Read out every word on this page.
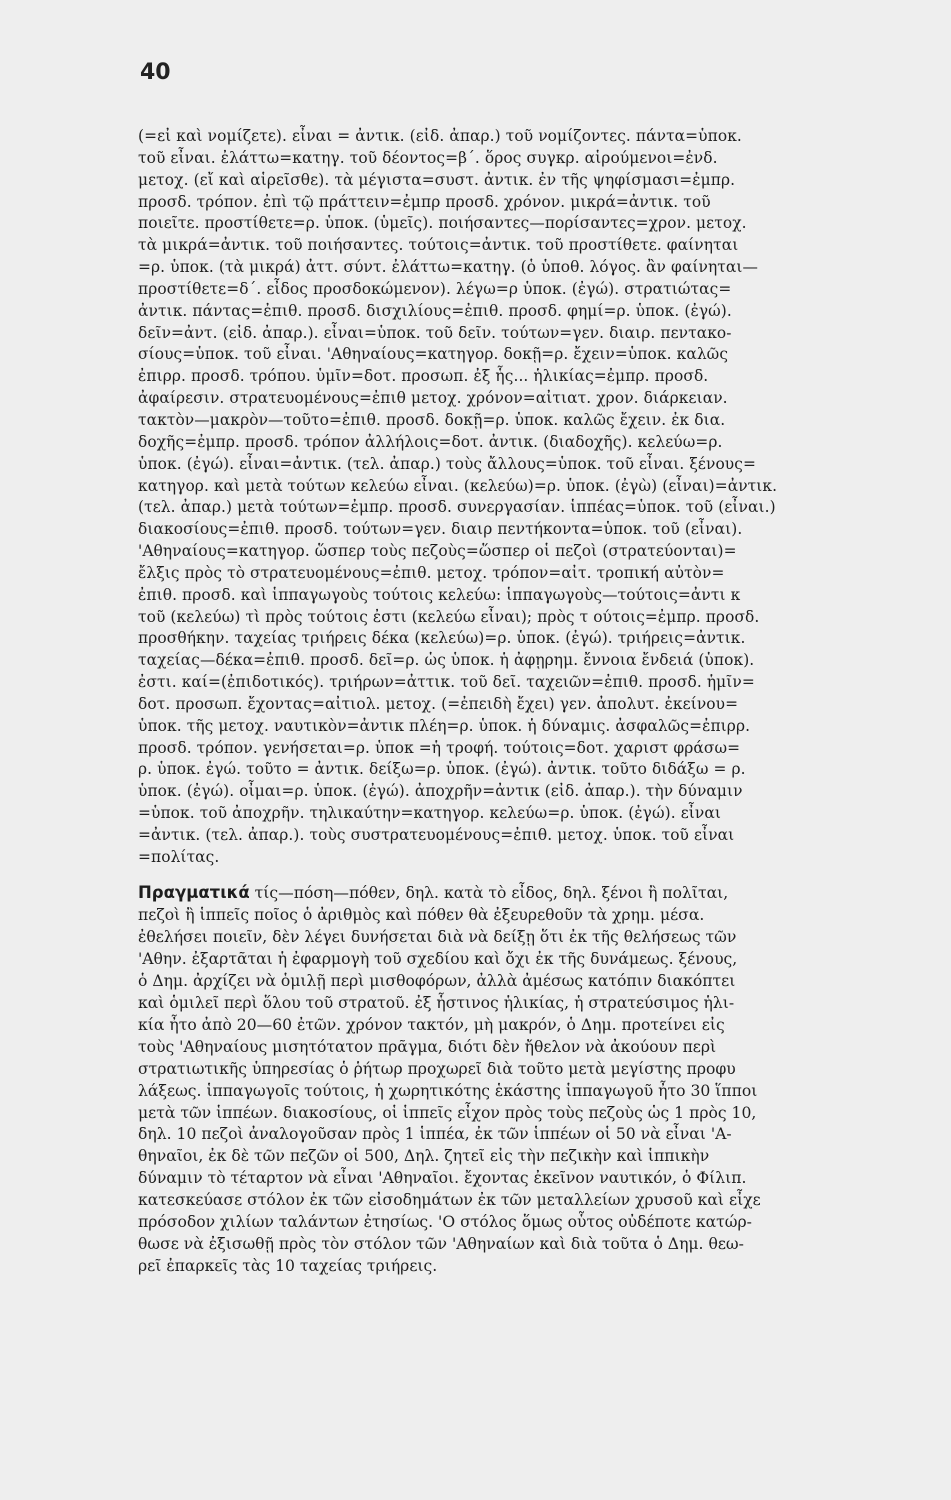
40
(=εἰ καὶ νομίζετε). εἶναι = ἀντικ. (εἰδ. ἀπαρ.) τοῦ νομίζοντες. πάντα=ὑποκ.
τοῦ εἶναι. ἐλάττω=κατηγ. τοῦ δέοντος=β΄. ὅρος συγκρ. αἱρούμενοι=ἐνδ.
μετοχ. (εἴ καὶ αἱρεῖσθε). τὰ μέγιστα=συστ. ἀντικ. ἐν τῆς ψηφίσμασι=ἐμπρ.
προσδ. τρόπον. ἐπὶ τῷ πράττειν=ἐμπρ προσδ. χρόνον. μικρά=ἀντικ. τοῦ
ποιεῖτε. προστίθετε=ρ. ὑποκ. (ὑμεῖς). ποιήσαντες—πορίσαντες=χρον. μετοχ.
τὰ μικρά=ἀντικ. τοῦ ποιήσαντες. τούτοις=ἀντικ. τοῦ προστίθετε. φαίνηται
=ρ. ὑποκ. (τὰ μικρά) ἀττ. σύντ. ἐλάττω=κατηγ. (ὁ ὑποθ. λόγος. ἂν φαίνηται—
προστίθετε=δ΄. εἶδος προσδοκώμενον). λέγω=ρ ὑποκ. (ἐγώ). στρατιώτας=
ἀντικ. πάντας=ἐπιθ. προσδ. δισχιλίους=ἐπιθ. προσδ. φημί=ρ. ὑποκ. (ἐγώ).
δεῖν=ἀντ. (εἰδ. ἀπαρ.). εἶναι=ὑποκ. τοῦ δεῖν. τούτων=γεν. διαιρ. πεντακο-
σίους=ὑποκ. τοῦ εἶναι. 'Αθηναίους=κατηγορ. δοκῇ=ρ. ἔχειν=ὑποκ. καλῶς
ἐπιρρ. προσδ. τρόπου. ὑμῖν=δοτ. προσωπ. ἐξ ἧς... ἡλικίας=ἐμπρ. προσδ.
ἀφαίρεσιν. στρατευομένους=ἐπιθ μετοχ. χρόνον=αἰτιατ. χρον. διάρκειαν.
τακτὸν—μακρὸν—τοῦτο=ἐπιθ. προσδ. δοκῇ=ρ. ὑποκ. καλῶς ἔχειν. ἐκ δια.
δοχῆς=ἐμπρ. προσδ. τρόπον ἀλλήλοις=δοτ. ἀντικ. (διαδοχῆς). κελεύω=ρ.
ὑποκ. (ἐγώ). εἶναι=ἀντικ. (τελ. ἀπαρ.) τοὺς ἄλλους=ὑποκ. τοῦ εἶναι. ξένους=
κατηγορ. καὶ μετὰ τούτων κελεύω εἶναι. (κελεύω)=ρ. ὑποκ. (ἐγὼ) (εἶναι)=ἀντικ.
(τελ. ἀπαρ.) μετὰ τούτων=ἐμπρ. προσδ. συνεργασίαν. ἱππέας=ὑποκ. τοῦ (εἶναι.)
διακοσίους=ἐπιθ. προσδ. τούτων=γεν. διαιρ πεντήκοντα=ὑποκ. τοῦ (εἶναι).
'Αθηναίους=κατηγορ. ὥσπερ τοὺς πεζοὺς=ὥσπερ οἱ πεζοὶ (στρατεύονται)=
ἔλξις πρὸς τὸ στρατευομένους=ἐπιθ. μετοχ. τρόπον=αἰτ. τροπική αὐτὸν=
ἐπιθ. προσδ. καὶ ἱππαγωγοὺς τούτοις κελεύω: ἱππαγωγοὺς—τούτοις=ἀντι κ
τοῦ (κελεύω) τὶ πρὸς τούτοις ἐστι (κελεύω εἶναι); πρὸς τ ούτοις=ἐμπρ. προσδ.
προσθήκην. ταχείας τριήρεις δέκα (κελεύω)=ρ. ὑποκ. (ἐγώ). τριήρεις=ἀντικ.
ταχείας—δέκα=ἐπιθ. προσδ. δεῖ=ρ. ὡς ὑποκ. ἡ ἀφῃρημ. ἔννοια ἔνδειά (ὑποκ).
ἐστι. καί=(ἐπιδοτικός). τριήρων=ἀττικ. τοῦ δεῖ. ταχειῶν=ἐπιθ. προσδ. ἡμῖν=
δοτ. προσωπ. ἔχοντας=αἰτιολ. μετοχ. (=ἐπειδὴ ἔχει) γεν. ἀπολυτ. ἐκείνου=
ὑποκ. τῆς μετοχ. ναυτικὸν=ἀντικ πλέη=ρ. ὑποκ. ἡ δύναμις. ἀσφαλῶς=ἐπιρρ.
προσδ. τρόπον. γενήσεται=ρ. ὑποκ =ἡ τροφή. τούτοις=δοτ. χαριστ φράσω=
ρ. ὑποκ. ἐγώ. τοῦτο = ἀντικ. δείξω=ρ. ὑποκ. (ἐγώ). ἀντικ. τοῦτο διδάξω = ρ.
ὑποκ. (ἐγώ). οἶμαι=ρ. ὑποκ. (ἐγώ). ἀποχρῆν=ἀντικ (εἰδ. ἀπαρ.). τὴν δύναμιν
=ὑποκ. τοῦ ἀποχρῆν. τηλικαύτην=κατηγορ. κελεύω=ρ. ὑποκ. (ἐγώ). εἶναι
=ἀντικ. (τελ. ἀπαρ.). τοὺς συστρατευομένους=ἐπιθ. μετοχ. ὑποκ. τοῦ εἶναι
=πολίτας.
Πραγματικά τίς—πόση—πόθεν, δηλ. κατὰ τὸ εἶδος, δηλ. ξένοι ἢ πολῖται,
πεζοὶ ἢ ἱππεῖς ποῖος ὁ ἀριθμὸς καὶ πόθεν θὰ ἐξευρεθοῦν τὰ χρημ. μέσα.
ἐθελήσει ποιεῖν, δὲν λέγει δυνήσεται διὰ νὰ δείξῃ ὅτι ἐκ τῆς θελήσεως τῶν
'Αθην. ἐξαρτᾶται ἡ ἐφαρμογὴ τοῦ σχεδίου καὶ ὄχι ἐκ τῆς δυνάμεως. ξένους,
ὁ Δημ. ἀρχίζει νὰ ὁμιλῇ περὶ μισθοφόρων, ἀλλὰ ἀμέσως κατόπιν διακόπτει
καὶ ὁμιλεῖ περὶ ὅλου τοῦ στρατοῦ. ἐξ ἧστινος ἡλικίας, ἡ στρατεύσιμος ἡλι-
κία ἦτο ἀπὸ 20—60 ἐτῶν. χρόνον τακτόν, μὴ μακρόν, ὁ Δημ. προτείνει εἰς
τοὺς 'Αθηναίους μισητότατον πρᾶγμα, διότι δὲν ἤθελον νὰ ἀκούουν περὶ
στρατιωτικῆς ὑπηρεσίας ὁ ῥήτωρ προχωρεῖ διὰ τοῦτο μετὰ μεγίστης προφυ
λάξεως. ἱππαγωγοῖς τούτοις, ἡ χωρητικότης ἑκάστης ἱππαγωγοῦ ἦτο 30 ἵπποι
μετὰ τῶν ἱππέων. διακοσίους, οἱ ἱππεῖς εἶχον πρὸς τοὺς πεζοὺς ὡς 1 πρὸς 10,
δηλ. 10 πεζοὶ ἀναλογοῦσαν πρὸς 1 ἱππέα, ἐκ τῶν ἱππέων οἱ 50 νὰ εἶναι 'Α-
θηναῖοι, ἐκ δὲ τῶν πεζῶν οἱ 500, Δηλ. ζητεῖ εἰς τὴν πεζικὴν καὶ ἱππικὴν
δύναμιν τὸ τέταρτον νὰ εἶναι 'Αθηναῖοι. ἔχοντας ἐκεῖνον ναυτικόν, ὁ Φίλιπ.
κατεσκεύασε στόλον ἐκ τῶν εἰσοδημάτων ἐκ τῶν μεταλλείων χρυσοῦ καὶ εἶχε
πρόσοδον χιλίων ταλάντων ἐτησίως. 'Ο στόλος ὅμως οὗτος οὐδέποτε κατώρ-
θωσε νὰ ἐξισωθῇ πρὸς τὸν στόλον τῶν 'Αθηναίων καὶ διὰ τοῦτα ὁ Δημ. θεω-
ρεῖ ἐπαρκεῖς τὰς 10 ταχείας τριήρεις.
